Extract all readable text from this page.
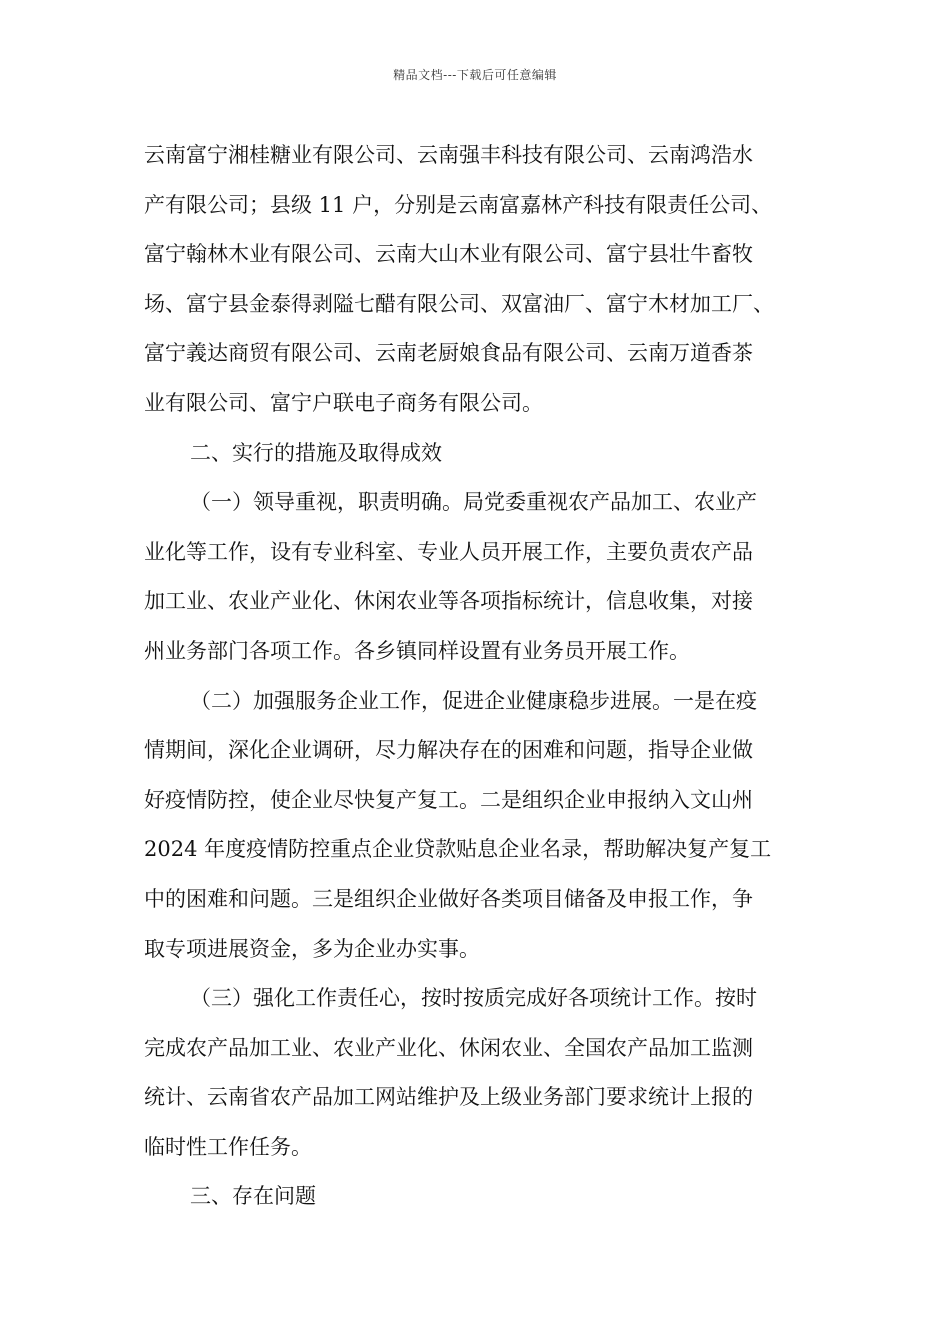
精品文档---下载后可任意编辑
云南富宁湘桂糖业有限公司、云南强丰科技有限公司、云南鸿浩水
产有限公司；县级 11 户，分别是云南富嘉林产科技有限责任公司、
富宁翰林木业有限公司、云南大山木业有限公司、富宁县壮牛畜牧
场、富宁县金泰得剥隘七醋有限公司、双富油厂、富宁木材加工厂、
富宁義达商贸有限公司、云南老厨娘食品有限公司、云南万道香茶
业有限公司、富宁户联电子商务有限公司。
二、实行的措施及取得成效
（一）领导重视，职责明确。局党委重视农产品加工、农业产
业化等工作，设有专业科室、专业人员开展工作，主要负责农产品
加工业、农业产业化、休闲农业等各项指标统计，信息收集，对接
州业务部门各项工作。各乡镇同样设置有业务员开展工作。
（二）加强服务企业工作，促进企业健康稳步进展。一是在疫
情期间，深化企业调研，尽力解决存在的困难和问题，指导企业做
好疫情防控，使企业尽快复产复工。二是组织企业申报纳入文山州
2024 年度疫情防控重点企业贷款贴息企业名录，帮助解决复产复工
中的困难和问题。三是组织企业做好各类项目储备及申报工作，争
取专项进展资金，多为企业办实事。
（三）强化工作责任心，按时按质完成好各项统计工作。按时
完成农产品加工业、农业产业化、休闲农业、全国农产品加工监测
统计、云南省农产品加工网站维护及上级业务部门要求统计上报的
临时性工作任务。
三、存在问题
